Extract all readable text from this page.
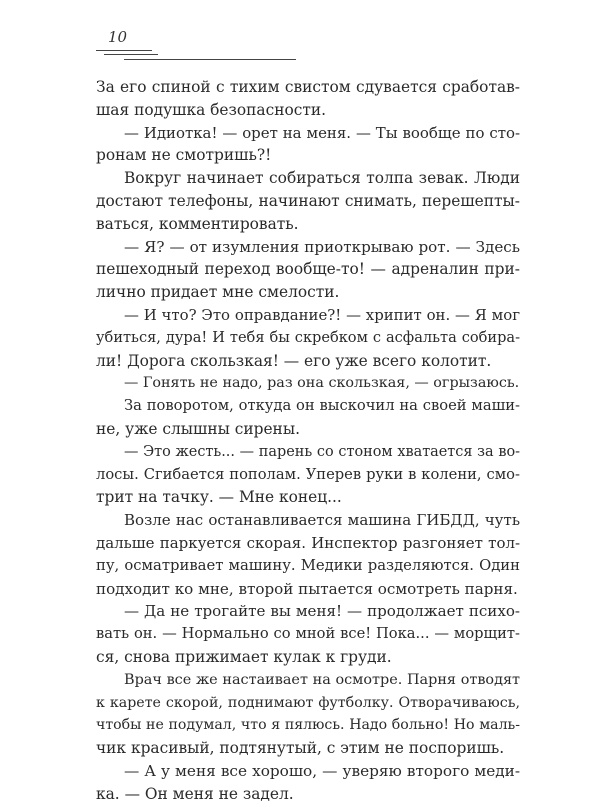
10
За его спиной с тихим свистом сдувается сработав-
шая подушка безопасности.
— Идиотка! — орет на меня. — Ты вообще по сто-
ронам не смотришь?!
Вокруг начинает собираться толпа зевак. Люди
достают телефоны, начинают снимать, перешепты-
ваться, комментировать.
— Я? — от изумления приоткрываю рот. — Здесь
пешеходный переход вообще-то! — адреналин при-
лично придает мне смелости.
— И что? Это оправдание?! — хрипит он. — Я мог
убиться, дура! И тебя бы скребком с асфальта собира-
ли! Дорога скользкая! — его уже всего колотит.
— Гонять не надо, раз она скользкая, — огрызаюсь.
За поворотом, откуда он выскочил на своей маши-
не, уже слышны сирены.
— Это жесть... — парень со стоном хватается за во-
лосы. Сгибается пополам. Уперев руки в колени, смо-
трит на тачку. — Мне конец...
Возле нас останавливается машина ГИБДД, чуть
дальше паркуется скорая. Инспектор разгоняет тол-
пу, осматривает машину. Медики разделяются. Один
подходит ко мне, второй пытается осмотреть парня.
— Да не трогайте вы меня! — продолжает психо-
вать он. — Нормально со мной все! Пока... — морщит-
ся, снова прижимает кулак к груди.
Врач все же настаивает на осмотре. Парня отводят
к карете скорой, поднимают футболку. Отворачиваюсь,
чтобы не подумал, что я пялюсь. Надо больно! Но маль-
чик красивый, подтянутый, с этим не поспоришь.
— А у меня все хорошо, — уверяю второго меди-
ка. — Он меня не задел.
